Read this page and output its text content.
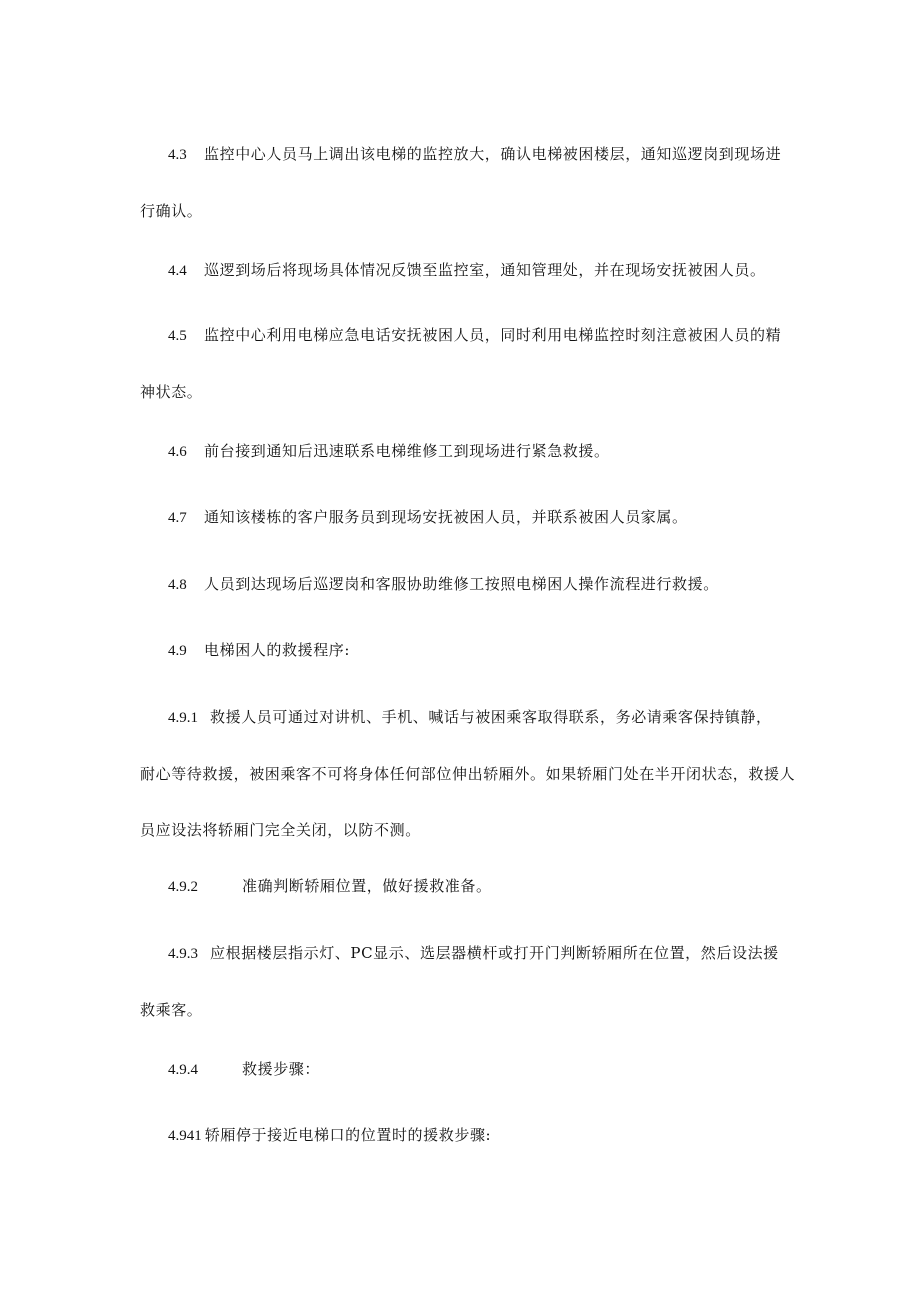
4.3 监控中心人员马上调出该电梯的监控放大，确认电梯被困楼层，通知巡逻岗到现场进
行确认。
4.4 巡逻到场后将现场具体情况反馈至监控室，通知管理处，并在现场安抚被困人员。
4.5 监控中心利用电梯应急电话安抚被困人员，同时利用电梯监控时刻注意被困人员的精
神状态。
4.6 前台接到通知后迅速联系电梯维修工到现场进行紧急救援。
4.7 通知该楼栋的客户服务员到现场安抚被困人员，并联系被困人员家属。
4.8 人员到达现场后巡逻岗和客服协助维修工按照电梯困人操作流程进行救援。
4.9 电梯困人的救援程序:
4.9.1 救援人员可通过对讲机、手机、喊话与被困乘客取得联系，务必请乘客保持镇静，
耐心等待救援，被困乘客不可将身体任何部位伸出轿厢外。如果轿厢门处在半开闭状态，救援人
员应设法将轿厢门完全关闭，以防不测。
4.9.2	准确判断轿厢位置，做好援救准备。
4.9.3 应根据楼层指示灯、PC显示、选层器横杆或打开门判断轿厢所在位置，然后设法援
救乘客。
4.9.4	救援步骤：
4.941 轿厢停于接近电梯口的位置时的援救步骤:
